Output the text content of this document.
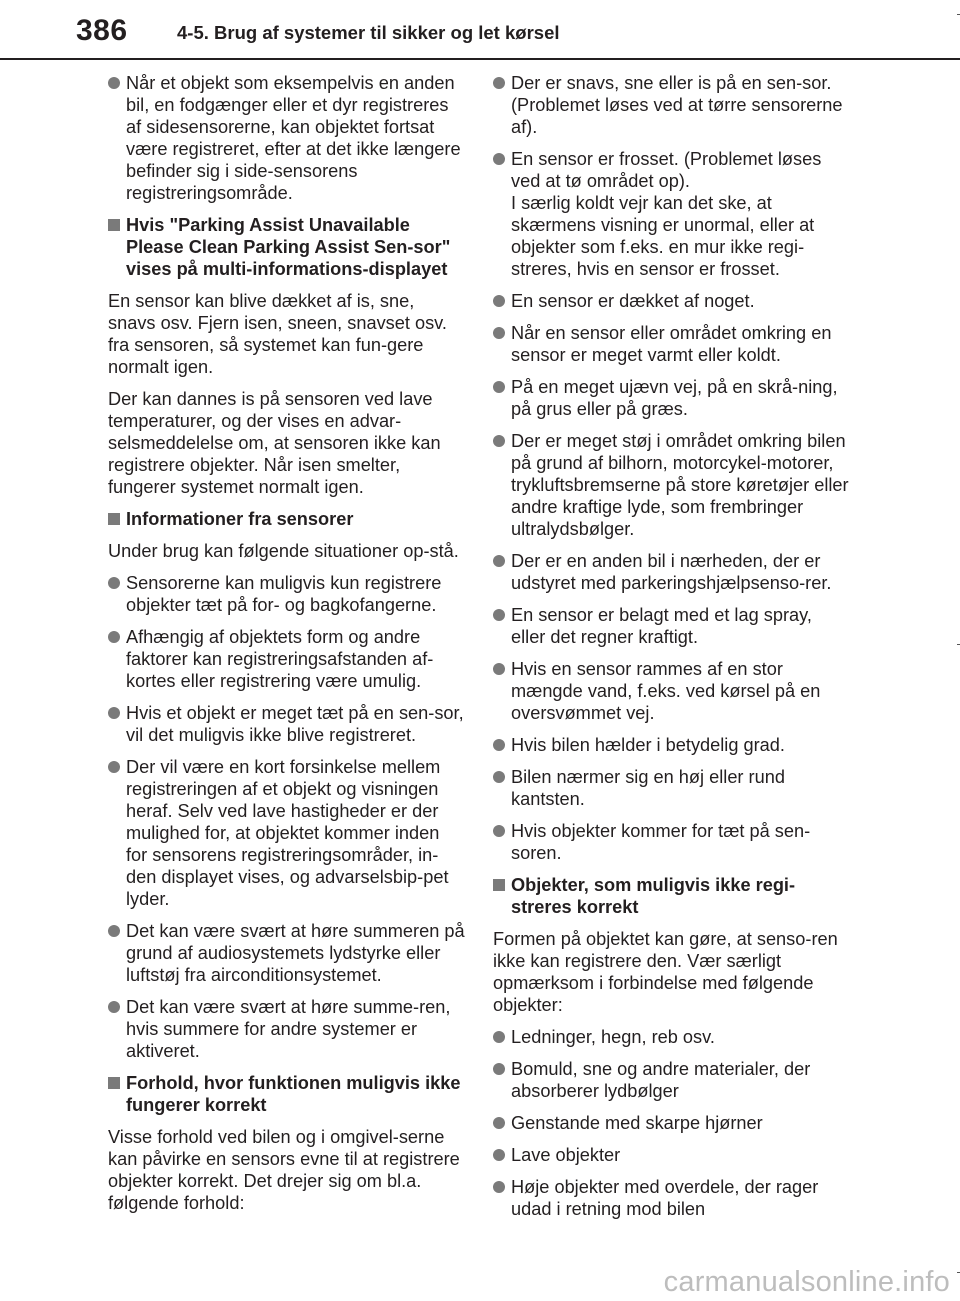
386	4-5. Brug af systemer til sikker og let kørsel
Når et objekt som eksempelvis en anden bil, en fodgænger eller et dyr registreres af sidesensorerne, kan objektet fortsat være registreret, efter at det ikke længere befinder sig i side-sensorens registreringsområde.
Hvis "Parking Assist Unavailable Please Clean Parking Assist Sen-sor" vises på multi-informations-displayet
En sensor kan blive dækket af is, sne, snavs osv. Fjern isen, sneen, snavset osv. fra sensoren, så systemet kan fun-gere normalt igen.
Der kan dannes is på sensoren ved lave temperaturer, og der vises en advar-selsmeddelelse om, at sensoren ikke kan registrere objekter. Når isen smelter, fungerer systemet normalt igen.
Informationer fra sensorer
Under brug kan følgende situationer op-stå.
Sensorerne kan muligvis kun registrere objekter tæt på for- og bagkofangerne.
Afhængig af objektets form og andre faktorer kan registreringsafstanden af-kortes eller registrering være umulig.
Hvis et objekt er meget tæt på en sen-sor, vil det muligvis ikke blive registreret.
Der vil være en kort forsinkelse mellem registreringen af et objekt og visningen heraf. Selv ved lave hastigheder er der mulighed for, at objektet kommer inden for sensorens registreringsområder, in-den displayet vises, og advarselsbip-pet lyder.
Det kan være svært at høre summeren på grund af audiosystemets lydstyrke eller luftstøj fra airconditionsystemet.
Det kan være svært at høre summe-ren, hvis summere for andre systemer er aktiveret.
Forhold, hvor funktionen muligvis ikke fungerer korrekt
Visse forhold ved bilen og i omgivel-serne kan påvirke en sensors evne til at registrere objekter korrekt. Det drejer sig om bl.a. følgende forhold:
Der er snavs, sne eller is på en sen-sor. (Problemet løses ved at tørre sensorerne af).
En sensor er frosset. (Problemet løses ved at tø området op).
I særlig koldt vejr kan det ske, at skærmens visning er unormal, eller at objekter som f.eks. en mur ikke regi-streres, hvis en sensor er frosset.
En sensor er dækket af noget.
Når en sensor eller området omkring en sensor er meget varmt eller koldt.
På en meget ujævn vej, på en skrå-ning, på grus eller på græs.
Der er meget støj i området omkring bilen på grund af bilhorn, motorcykel-motorer, trykluftsbremserne på store køretøjer eller andre kraftige lyde, som frembringer ultralydsbølger.
Der er en anden bil i nærheden, der er udstyret med parkeringshjælpsenso-rer.
En sensor er belagt med et lag spray, eller det regner kraftigt.
Hvis en sensor rammes af en stor mængde vand, f.eks. ved kørsel på en oversvømmet vej.
Hvis bilen hælder i betydelig grad.
Bilen nærmer sig en høj eller rund kantsten.
Hvis objekter kommer for tæt på sen-soren.
Objekter, som muligvis ikke regi-streres korrekt
Formen på objektet kan gøre, at senso-ren ikke kan registrere den. Vær særligt opmærksom i forbindelse med følgende objekter:
Ledninger, hegn, reb osv.
Bomuld, sne og andre materialer, der absorberer lydbølger
Genstande med skarpe hjørner
Lave objekter
Høje objekter med overdele, der rager udad i retning mod bilen
carmanualsonline.info
